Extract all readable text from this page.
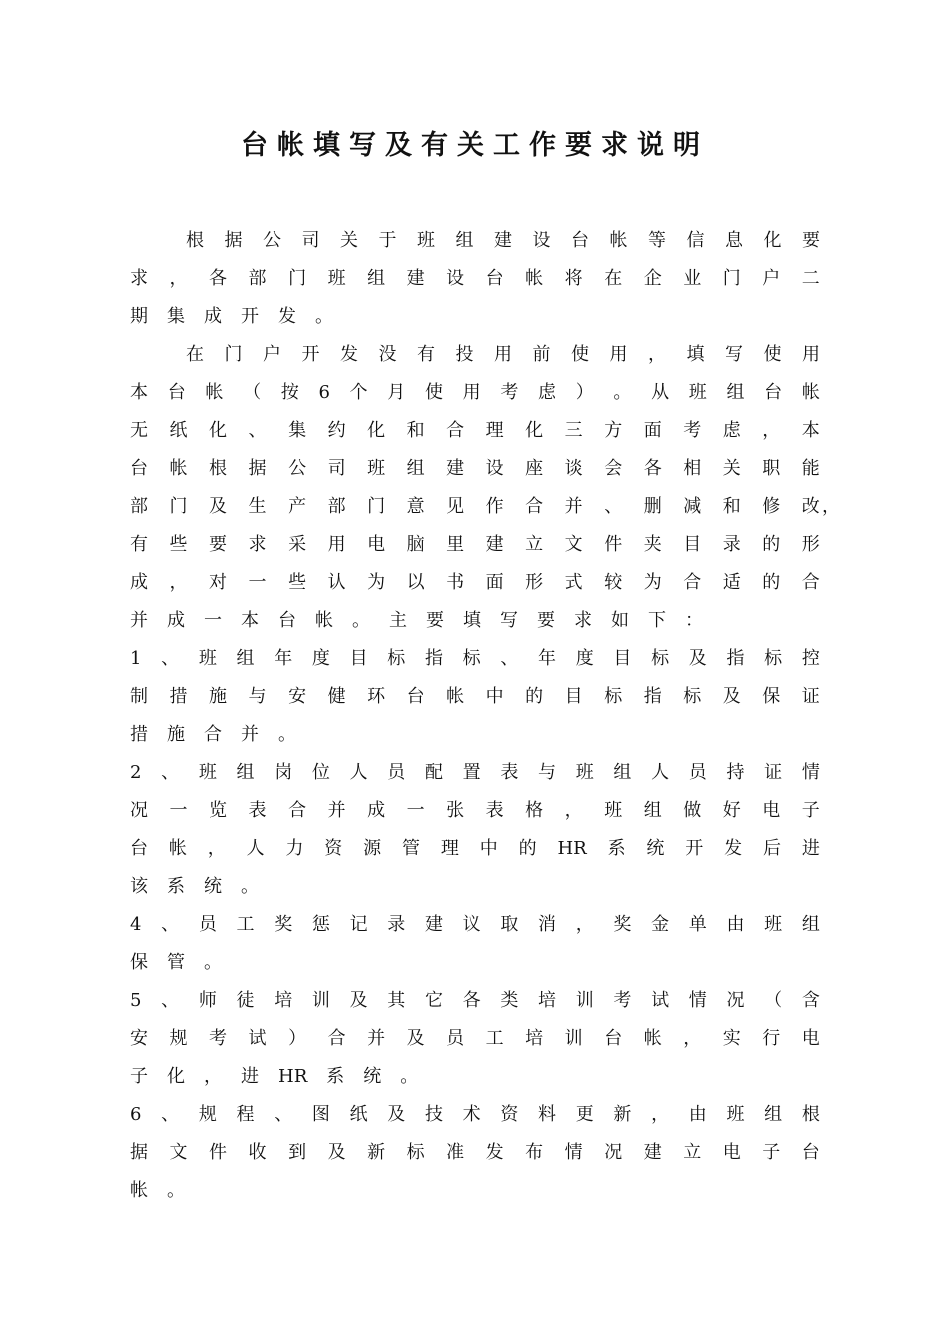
台帐填写及有关工作要求说明
根 据 公 司 关 于 班 组 建 设 台 帐 等 信 息 化 要
求 ， 各 部 门 班 组 建 设 台 帐 将 在 企 业 门 户 二
期 集 成 开 发 。
在 门 户 开 发 没 有 投 用 前 使 用 ， 填 写 使 用
本 台 帐 （ 按 6 个 月 使 用 考 虑 ） 。 从 班 组 台 帐
无 纸 化 、 集 约 化 和 合 理 化 三 方 面 考 虑 ， 本
台 帐 根 据 公 司 班 组 建 设 座 谈 会 各 相 关 职 能
部 门 及 生 产 部 门 意 见 作 合 并 、 删 减 和 修 改 ，
有 些 要 求 采 用 电 脑 里 建 立 文 件 夹 目 录 的 形
成 ， 对 一 些 认 为 以 书 面 形 式 较 为 合 适 的 合
并 成 一 本 台 帐 。 主 要 填 写 要 求 如 下 ：
1 、 班 组 年 度 目 标 指 标 、 年 度 目 标 及 指 标 控
制 措 施 与 安 健 环 台 帐 中 的 目 标 指 标 及 保 证
措 施 合 并 。
2 、 班 组 岗 位 人 员 配 置 表 与 班 组 人 员 持 证 情
况 一 览 表 合 并 成 一 张 表 格 ， 班 组 做 好 电 子
台 帐 ， 人 力 资 源 管 理 中 的 HR 系 统 开 发 后 进
该 系 统 。
4 、 员 工 奖 惩 记 录 建 议 取 消 ， 奖 金 单 由 班 组
保 管 。
5 、 师 徒 培 训 及 其 它 各 类 培 训 考 试 情 况 （ 含
安 规 考 试 ） 合 并 及 员 工 培 训 台 帐 ， 实 行 电
子 化 ， 进 HR 系 统 。
6 、 规 程 、 图 纸 及 技 术 资 料 更 新 ， 由 班 组 根
据 文 件 收 到 及 新 标 准 发 布 情 况 建 立 电 子 台
帐 。
